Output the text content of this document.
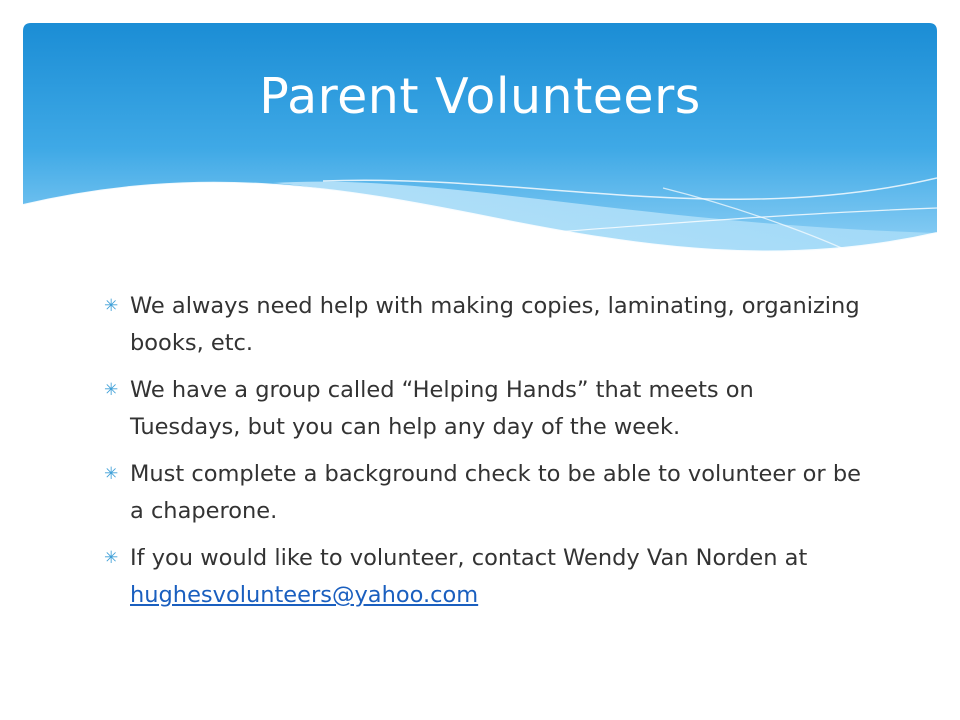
Parent Volunteers
✳ We always need help with making copies, laminating, organizing books, etc.
✳ We have a group called “Helping Hands” that meets on Tuesdays, but you can help any day of the week.
✳ Must complete a background check to be able to volunteer or be a chaperone.
✳ If you would like to volunteer, contact Wendy Van Norden at hughesvolunteers@yahoo.com
